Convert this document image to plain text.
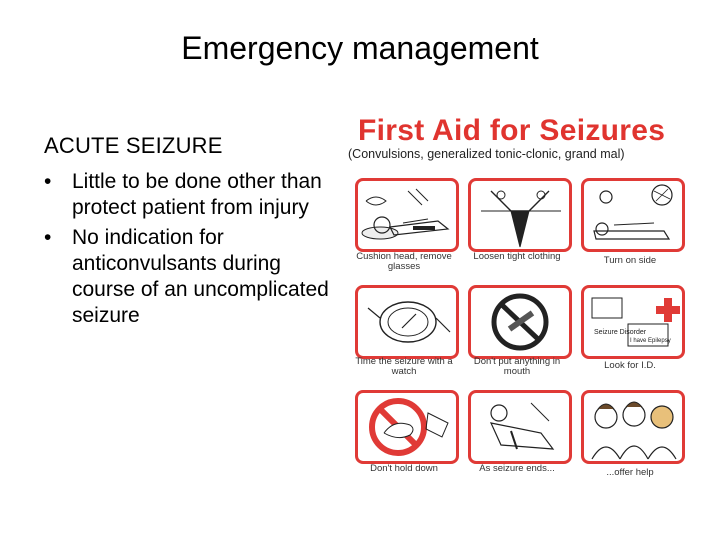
Emergency management
ACUTE SEIZURE
• Little to be done other than protect patient from injury
• No indication for anticonvulsants during course of an uncomplicated seizure
First Aid for Seizures
(Convulsions, generalized tonic-clonic, grand mal)
Cushion head, remove glasses
Loosen tight clothing	Turn on side
Time the seizure with a watch
Don't put anything in mouth
Seizure Disorder
I have Epilepsy
Look for I.D.
Don't hold down	As seizure ends...	...offer help
